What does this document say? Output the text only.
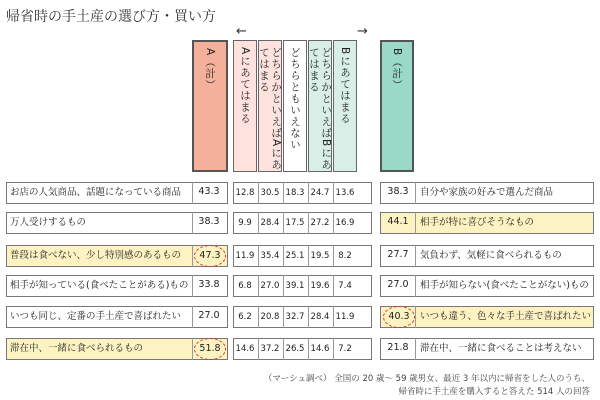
帰省時の手土産の選び方・買い方
←	→
A（計） Aにあてはまる	どちらかといえばAにあてはまる	どちらともいえない	どちらかといえばBにあてはまる	Bにあてはまる	B（計）
お店の人気商品、話題になっている商品	43.3	12.8 30.5 18.3 24.7 13.6	38.3	自分や家族の好みで選んだ商品
万人受けするもの	38.3	9.9	28.4 17.5 27.2 16.9	44.1	相手が特に喜びそうなもの
普段は食べない、少し特別感のあるもの	47.3	11.9 35.4 25.1 19.5	8.2	27.7	気負わず、気軽に食べられるもの
相手が知っている(食べたことがある)もの	33.8	6.8	27.0 39.1 19.6	7.4	27.0	相手が知らない(食べたことがない)もの
いつも同じ、定番の手土産で喜ばれたい	27.0	6.2	20.8 32.7 28.4 11.9	40.3	いつも違う、色々な手土産で喜ばれたい
滞在中、一緒に食べられるもの	51.8	14.6 37.2 26.5 14.6	7.2	21.8	滞在中、一緒に食べることは考えない
（マーシュ調べ） 全国の 20 歳～ 59 歳男女、最近 3 年以内に帰省をした人のうち、
帰省時に手土産を購入すると答えた 514 人の回答
